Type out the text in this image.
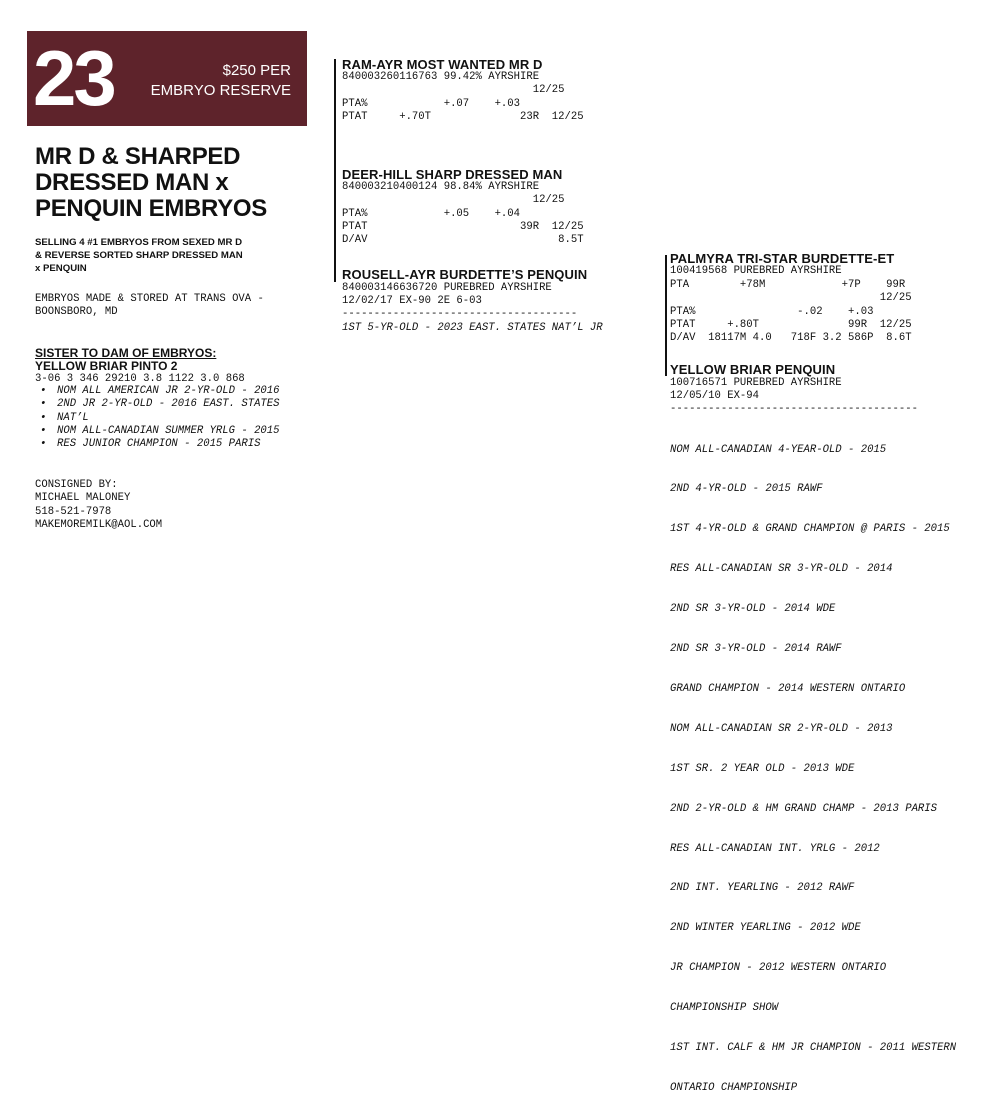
23	$250 PER
EMBRYO RESERVE
MR D & SHARPED
DRESSED MAN x
PENQUIN EMBRYOS
SELLING 4 #1 EMBRYOS FROM SEXED MR D
& REVERSE SORTED SHARP DRESSED MAN
x PENQUIN
EMBRYOS MADE & STORED AT TRANS OVA -
BOONSBORO, MD
SISTER TO DAM OF EMBRYOS:
YELLOW BRIAR PINTO 2
3-06 3 346 29210 3.8 1122 3.0 868
• NOM ALL AMERICAN JR 2-YR-OLD - 2016
• 2ND JR 2-YR-OLD - 2016 EAST. STATES
• NAT’L
• NOM ALL-CANADIAN SUMMER YRLG - 2015
• RES JUNIOR CHAMPION - 2015 PARIS
CONSIGNED BY:
MICHAEL MALONEY
518-521-7978
MAKEMOREMILK@AOL.COM
RAM-AYR MOST WANTED MR D
840003260116763 99.42% AYRSHIRE
12/25
PTA%            +.07    +.03
PTAT     +.70T              23R  12/25
DEER-HILL SHARP DRESSED MAN
840003210400124 98.84% AYRSHIRE
12/25
PTA%            +.05    +.04
PTAT                        39R  12/25
D/AV                              8.5T
ROUSELL-AYR BURDETTE’S PENQUIN
840003146636720 PUREBRED AYRSHIRE
12/02/17 EX-90 2E 6-03
-------------------------------------
1ST 5-YR-OLD - 2023 EAST. STATES NAT’L JR
PALMYRA TRI-STAR BURDETTE-ET
100419568 PUREBRED AYRSHIRE
PTA        +78M            +7P    99R
12/25
PTA%                -.02    +.03
PTAT     +.80T              99R  12/25
D/AV  18117M 4.0   718F 3.2 586P  8.6T
YELLOW BRIAR PENQUIN
100716571 PUREBRED AYRSHIRE
12/05/10 EX-94
---------------------------------------

NOM ALL-CANADIAN 4-YEAR-OLD - 2015

2ND 4-YR-OLD - 2015 RAWF

1ST 4-YR-OLD & GRAND CHAMPION @ PARIS - 2015

RES ALL-CANADIAN SR 3-YR-OLD - 2014

2ND SR 3-YR-OLD - 2014 WDE

2ND SR 3-YR-OLD - 2014 RAWF

GRAND CHAMPION - 2014 WESTERN ONTARIO

NOM ALL-CANADIAN SR 2-YR-OLD - 2013

1ST SR. 2 YEAR OLD - 2013 WDE

2ND 2-YR-OLD & HM GRAND CHAMP - 2013 PARIS

RES ALL-CANADIAN INT. YRLG - 2012

2ND INT. YEARLING - 2012 RAWF

2ND WINTER YEARLING - 2012 WDE

JR CHAMPION - 2012 WESTERN ONTARIO

CHAMPIONSHIP SHOW

1ST INT. CALF & HM JR CHAMPION - 2011 WESTERN

ONTARIO CHAMPIONSHIP
